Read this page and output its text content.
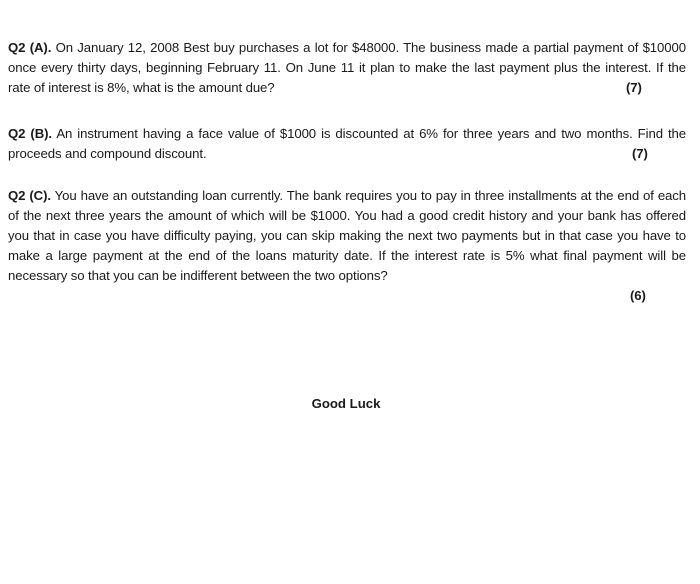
Q2 (A). On January 12, 2008 Best buy purchases a lot for $48000. The business made a partial payment of $10000 once every thirty days, beginning February 11. On June 11 it plan to make the last payment plus the interest. If the rate of interest is 8%, what is the amount due?	(7)
Q2 (B). An instrument having a face value of $1000 is discounted at 6% for three years and two months. Find the proceeds and compound discount.	(7)
Q2 (C). You have an outstanding loan currently. The bank requires you to pay in three installments at the end of each of the next three years the amount of which will be $1000. You had a good credit history and your bank has offered you that in case you have difficulty paying, you can skip making the next two payments but in that case you have to make a large payment at the end of the loans maturity date. If the interest rate is 5% what final payment will be necessary so that you can be indifferent between the two options?
(6)
Good Luck
